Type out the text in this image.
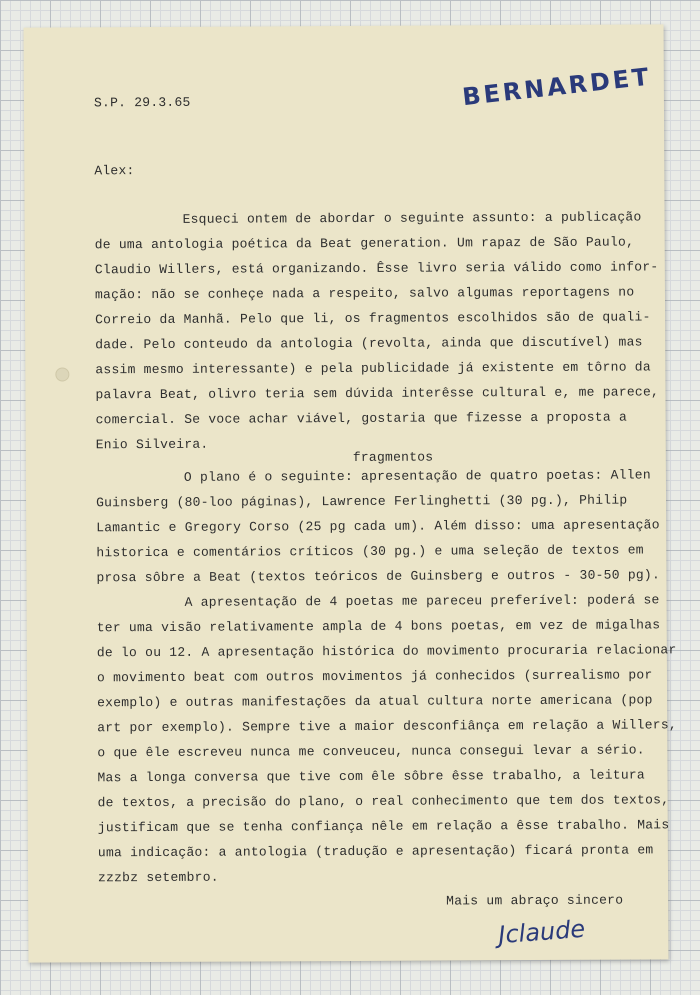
BERNARDET

S.P. 29.3.65

Alex:

Esqueci ontem de abordar o seguinte assunto: a publicação

de uma antologia poética da Beat generation. Um rapaz de São Paulo,

Claudio Willers, está organizando. Êsse livro seria válido como infor-

mação: não se conheçe nada a respeito, salvo algumas reportagens no

Correio da Manhã. Pelo que li, os fragmentos escolhidos são de quali-

dade. Pelo conteudo da antologia (revolta, ainda que discutível) mas

assim mesmo interessante) e pela publicidade já existente em tôrno da

palavra Beat, olivro teria sem dúvida interêsse cultural e, me parece,

comercial. Se voce achar viável, gostaria que fizesse a proposta a

Enio Silveira.

fragmentos

O plano é o seguinte: apresentação de quatro poetas: Allen

Guinsberg (80-loo páginas), Lawrence Ferlinghetti (30 pg.), Philip

Lamantic e Gregory Corso (25 pg cada um). Além disso: uma apresentação

historica e comentários críticos (30 pg.) e uma seleção de textos em

prosa sôbre a Beat (textos teóricos de Guinsberg e outros - 30-50 pg).

A apresentação de 4 poetas me pareceu preferível: poderá se

ter uma visão relativamente ampla de 4 bons poetas, em vez de migalhas

de lo ou 12. A apresentação histórica do movimento procuraria relacionar

o movimento beat com outros movimentos já conhecidos (surrealismo por

exemplo) e outras manifestações da atual cultura norte americana (pop

art por exemplo). Sempre tive a maior desconfiânça em relação a Willers,

o que êle escreveu nunca me conveuceu, nunca consegui levar a sério.

Mas a longa conversa que tive com êle sôbre êsse trabalho, a leitura

de textos, a precisão do plano, o real conhecimento que tem dos textos,

justificam que se tenha confiança nêle em relação a êsse trabalho. Mais

uma indicação: a antologia (tradução e apresentação) ficará pronta em

zzzbz setembro.

Mais um abraço sincero

Jclaude
